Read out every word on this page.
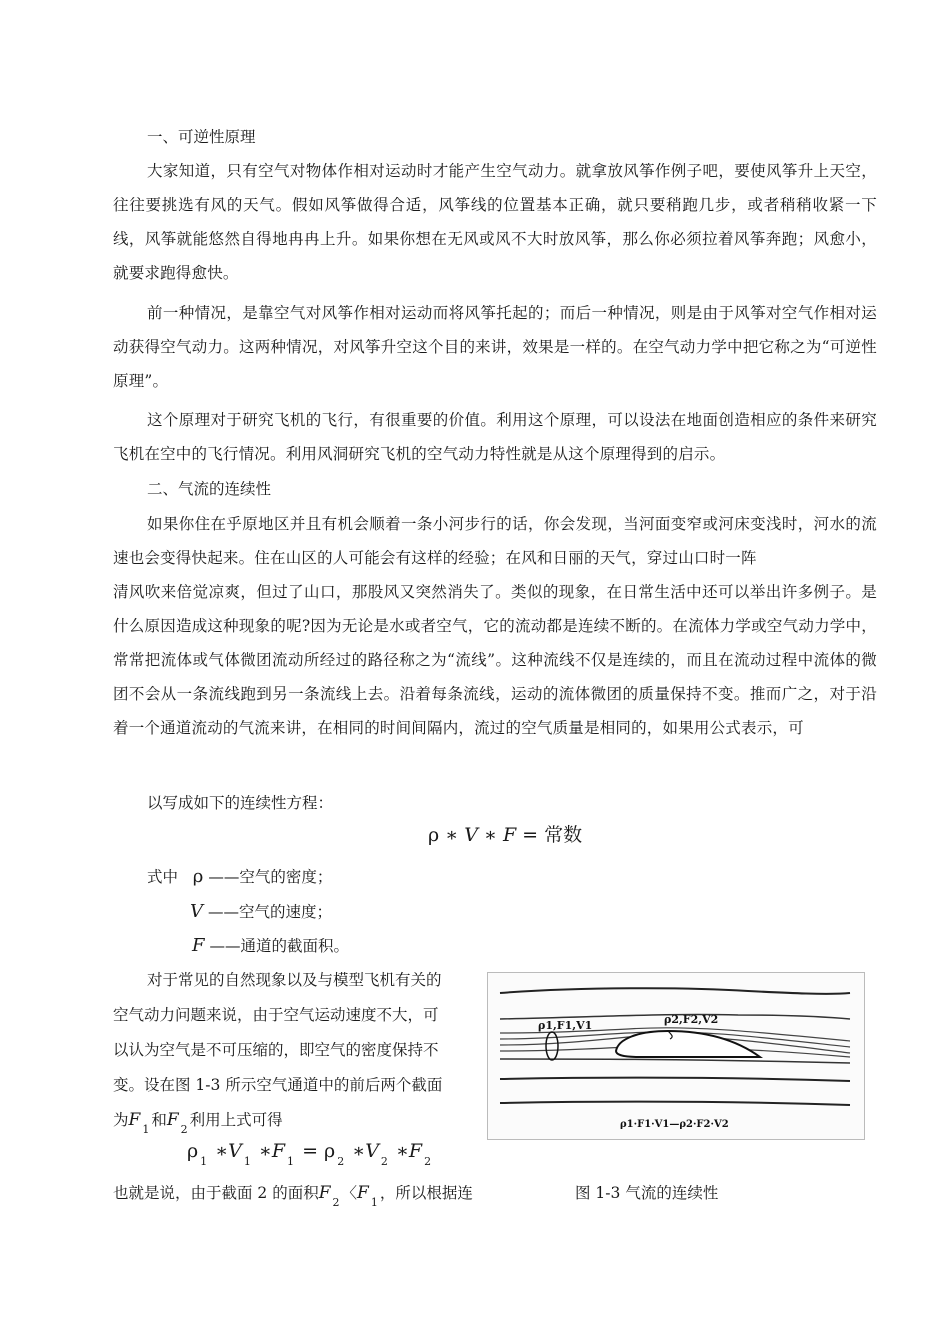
一、可逆性原理

大家知道，只有空气对物体作相对运动时才能产生空气动力。就拿放风筝作例子吧，要使风筝升上天空，往往要挑选有风的天气。假如风筝做得合适，风筝线的位置基本正确，就只要稍跑几步，或者稍稍收紧一下线，风筝就能悠然自得地冉冉上升。如果你想在无风或风不大时放风筝，那么你必须拉着风筝奔跑；风愈小，就要求跑得愈快。

前一种情况，是靠空气对风筝作相对运动而将风筝托起的；而后一种情况，则是由于风筝对空气作相对运动获得空气动力。这两种情况，对风筝升空这个目的来讲，效果是一样的。在空气动力学中把它称之为“可逆性原理”。

这个原理对于研究飞机的飞行，有很重要的价值。利用这个原理，可以设法在地面创造相应的条件来研究飞机在空中的飞行情况。利用风洞研究飞机的空气动力特性就是从这个原理得到的启示。

二、气流的连续性

如果你住在乎原地区并且有机会顺着一条小河步行的话，你会发现，当河面变窄或河床变浅时，河水的流速也会变得快起来。住在山区的人可能会有这样的经验；在风和日丽的天气，穿过山口时一阵

清风吹来倍觉凉爽，但过了山口，那股风又突然消失了。类似的现象，在日常生活中还可以举出许多例子。是什么原因造成这种现象的呢?因为无论是水或者空气，它的流动都是连续不断的。在流体力学或空气动力学中，常常把流体或气体微团流动所经过的路径称之为“流线”。这种流线不仅是连续的，而且在流动过程中流体的微团不会从一条流线跑到另一条流线上去。沿着每条流线，运动的流体微团的质量保持不变。推而广之，对于沿着一个通道流动的气流来讲，在相同的时间间隔内，流过的空气质量是相同的，如果用公式表示，可

以写成如下的连续性方程：

ρ ∗ V ∗ F = 常数
式中 ρ ——空气的密度；
V ——空气的速度；
F ——通道的截面积。

对于常见的自然现象以及与模型飞机有关的

空气动力问题来说，由于空气运动速度不大，可

以认为空气是不可压缩的，即空气的密度保持不

变。设在图 1-3 所示空气通道中的前后两个截面

为F $_1$和F $_2$利用上式可得
ρ $_1$ ∗V $_1$ ∗F $_1$ = ρ $_2$ ∗V $_2$ ∗F $_2$
也就是说，由于截面 2 的面积F $_2$〈F $_1$，所以根据连
ρ1,F1,V1	ρ2,F2,V2
ρ1·F1·V1—ρ2·F2·V2
图 1-3 气流的连续性
